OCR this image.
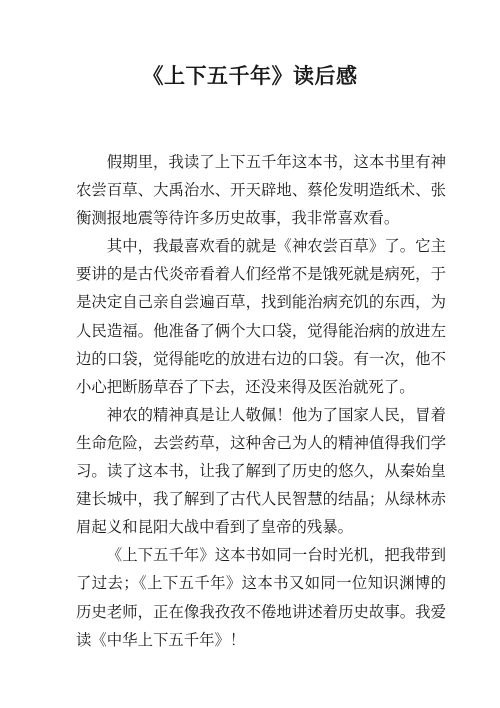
《上下五千年》读后感

假期里，我读了上下五千年这本书，这本书里有神农尝百草、大禹治水、开天辟地、蔡伦发明造纸术、张衡测报地震等待许多历史故事，我非常喜欢看。

其中，我最喜欢看的就是《神农尝百草》了。它主要讲的是古代炎帝看着人们经常不是饿死就是病死，于是决定自己亲自尝遍百草，找到能治病充饥的东西，为人民造福。他准备了俩个大口袋，觉得能治病的放进左边的口袋，觉得能吃的放进右边的口袋。有一次，他不小心把断肠草吞了下去，还没来得及医治就死了。

神农的精神真是让人敬佩！他为了国家人民，冒着生命危险，去尝药草，这种舍己为人的精神值得我们学习。读了这本书，让我了解到了历史的悠久，从秦始皇建长城中，我了解到了古代人民智慧的结晶；从绿林赤眉起义和昆阳大战中看到了皇帝的残暴。

《上下五千年》这本书如同一台时光机，把我带到了过去；《上下五千年》这本书又如同一位知识渊博的历史老师，正在像我孜孜不倦地讲述着历史故事。我爱读《中华上下五千年》！
